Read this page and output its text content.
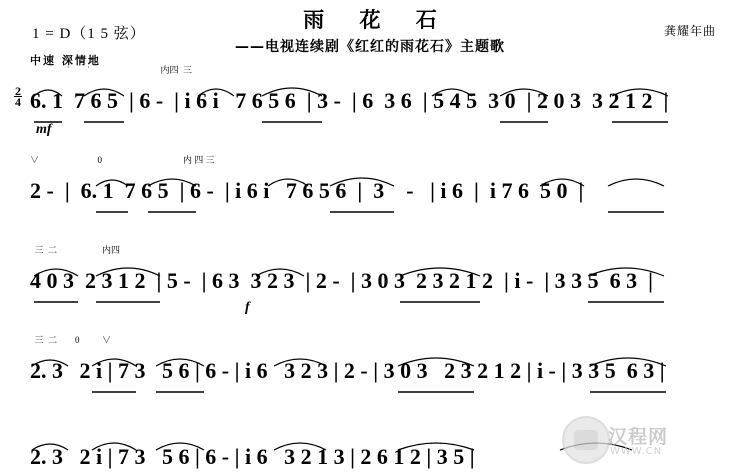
雨 花 石
——电视连续剧《红红的雨花石》主题歌
1 = D（1 5 弦）	龚耀年曲
中速 深情地
$\frac{2}{4}$
mf
f
̇         ̇                                内四  三
6. 1  7 6 5  | 6 -  | i 6 i   7 6 5 6  | 3 -  | 6  3 6  | 5 4 5  3 0  | 2 0 3  3 2 1 2  |
∨                          0                                    内 四 三
2 -  |  6. 1  7 6 5  | 6 -  | i 6 i   7 6 5 6  |  3    -   | i 6  |  i 7 6  5 0  |
三  二                    内四
4 0 3  2 3 1 2  | 5 -  | 6 3  3 2 3  | 2 -  | 3 0 3  2 3 2 1 2  | i -  | 3 3 5  6 3  |
三  二        0          ∨
2. 3   2 i | 7 3   5 6 | 6 - | i 6   3 2 3 | 2 - | 3 0 3   2 3 2 1 2 | i - | 3 3 5  6 3 |

2. 3   2 i | 7 3   5 6 | 6 - | i 6   3 2 1 3 | 2 6 1 2 | 3 5 |
汉程网
WWW.CN
